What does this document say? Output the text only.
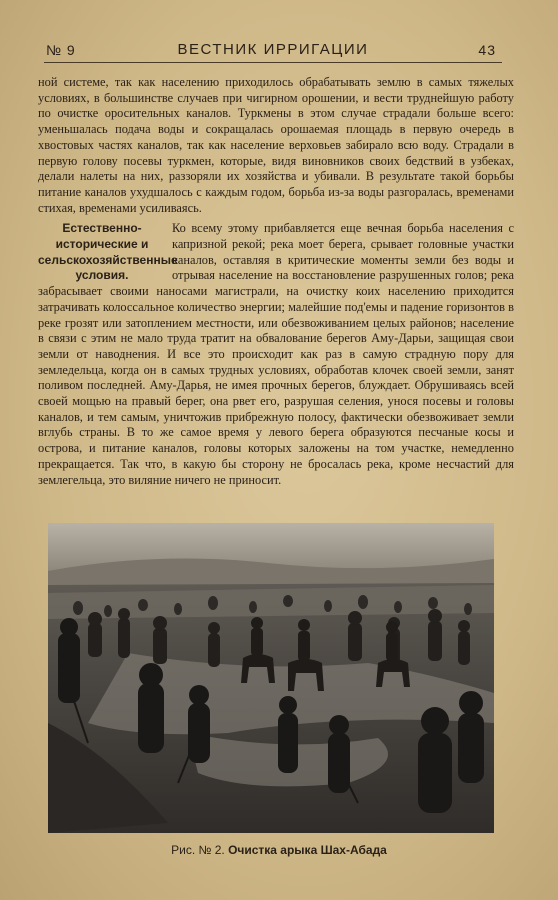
№ 9	ВЕСТНИК ИРРИГАЦИИ	43

ной системе, так как населению приходилось обрабатывать землю в самых тяжелых условиях, в большинстве случаев при чигирном орошении, и вести труднейшую работу по очистке оросительных каналов. Туркмены в этом случае страдали больше всего: уменьшалась подача воды и сокращалась орошаемая площадь в первую очередь в хвостовых частях каналов, так как население верховьев забирало всю воду. Страдали в первую голову посевы туркмен, которые, видя виновников своих бедствий в узбеках, делали налеты на них, раззоряли их хозяйства и убивали. В результате такой борьбы питание каналов ухудшалось с каждым годом, борьба из-за воды разгоралась, временами стихая, временами усиливаясь.

Естественно-исторические и сельскохозяйственные условия.
Ко всему этому прибавляется еще вечная борьба населения с капризной рекой; река моет берега, срывает головные участки каналов, оставляя в критические моменты земли без воды и отрывая население на восстановление разрушенных голов; река забрасывает своими наносами магистрали, на очистку коих населению приходится затрачивать колоссальное количество энергии; малейшие под'емы и падение горизонтов в реке грозят или затоплением местности, или обезвоживанием целых районов; население в связи с этим не мало труда тратит на обвалование берегов Аму-Дарьи, защищая свои земли от наводнения. И все это происходит как раз в самую страдную пору для земледельца, когда он в самых трудных условиях, обработав клочек своей земли, занят поливом последней. Аму-Дарья, не имея прочных берегов, блуждает. Обрушиваясь всей своей мощью на правый берег, она рвет его, разрушая селения, унося посевы и головы каналов, и тем самым, уничтожив прибрежную полосу, фактически обезвоживает земли вглубь страны. В то же самое время у левого берега образуются песчаные косы и острова, и питание каналов, головы которых заложены на том участке, немедленно прекращается. Так что, в какую бы сторону не бросалась река, кроме несчастий для землегельца, это виляние ничего не приносит.

Рис. № 2. Очистка арыка Шах-Абада
